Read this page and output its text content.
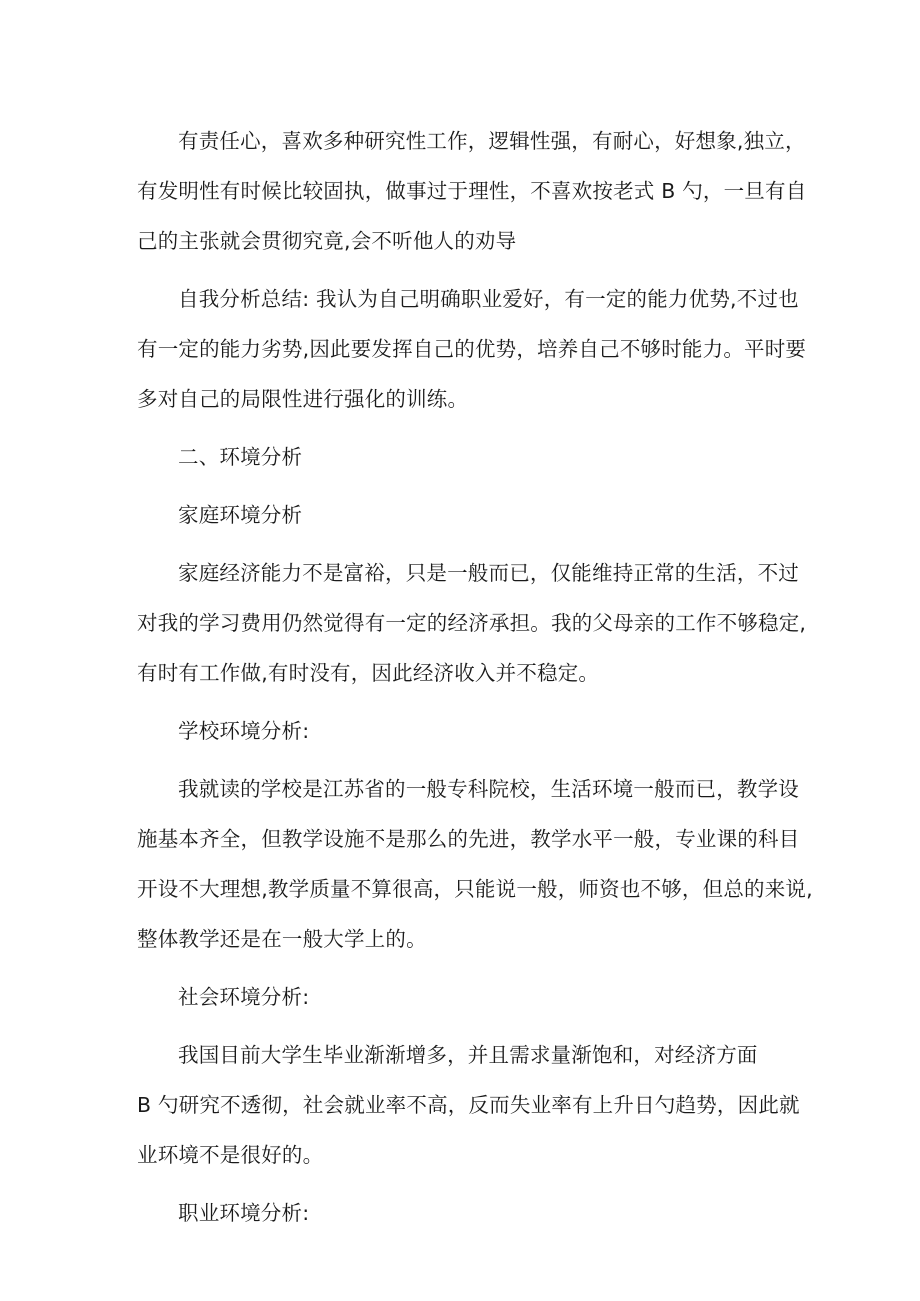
有责任心，喜欢多种研究性工作，逻辑性强，有耐心，好想象,独立，
有发明性有时候比较固执，做事过于理性，不喜欢按老式 B 勺，一旦有自
己的主张就会贯彻究竟,会不听他人的劝导
自我分析总结: 我认为自己明确职业爱好，有一定的能力优势,不过也
有一定的能力劣势,因此要发挥自己的优势，培养自己不够时能力。平时要
多对自己的局限性进行强化的训练。
二、环境分析
家庭环境分析
家庭经济能力不是富裕，只是一般而已，仅能维持正常的生活，不过
对我的学习费用仍然觉得有一定的经济承担。我的父母亲的工作不够稳定,
有时有工作做,有时没有，因此经济收入并不稳定。
学校环境分析:
我就读的学校是江苏省的一般专科院校，生活环境一般而已，教学设
施基本齐全，但教学设施不是那么的先进，教学水平一般，专业课的科目
开设不大理想,教学质量不算很高，只能说一般，师资也不够，但总的来说,
整体教学还是在一般大学上的。
社会环境分析:
我国目前大学生毕业渐渐增多，并且需求量渐饱和，对经济方面
B 勺研究不透彻，社会就业率不高，反而失业率有上升日勺趋势，因此就
业环境不是很好的。
职业环境分析:
